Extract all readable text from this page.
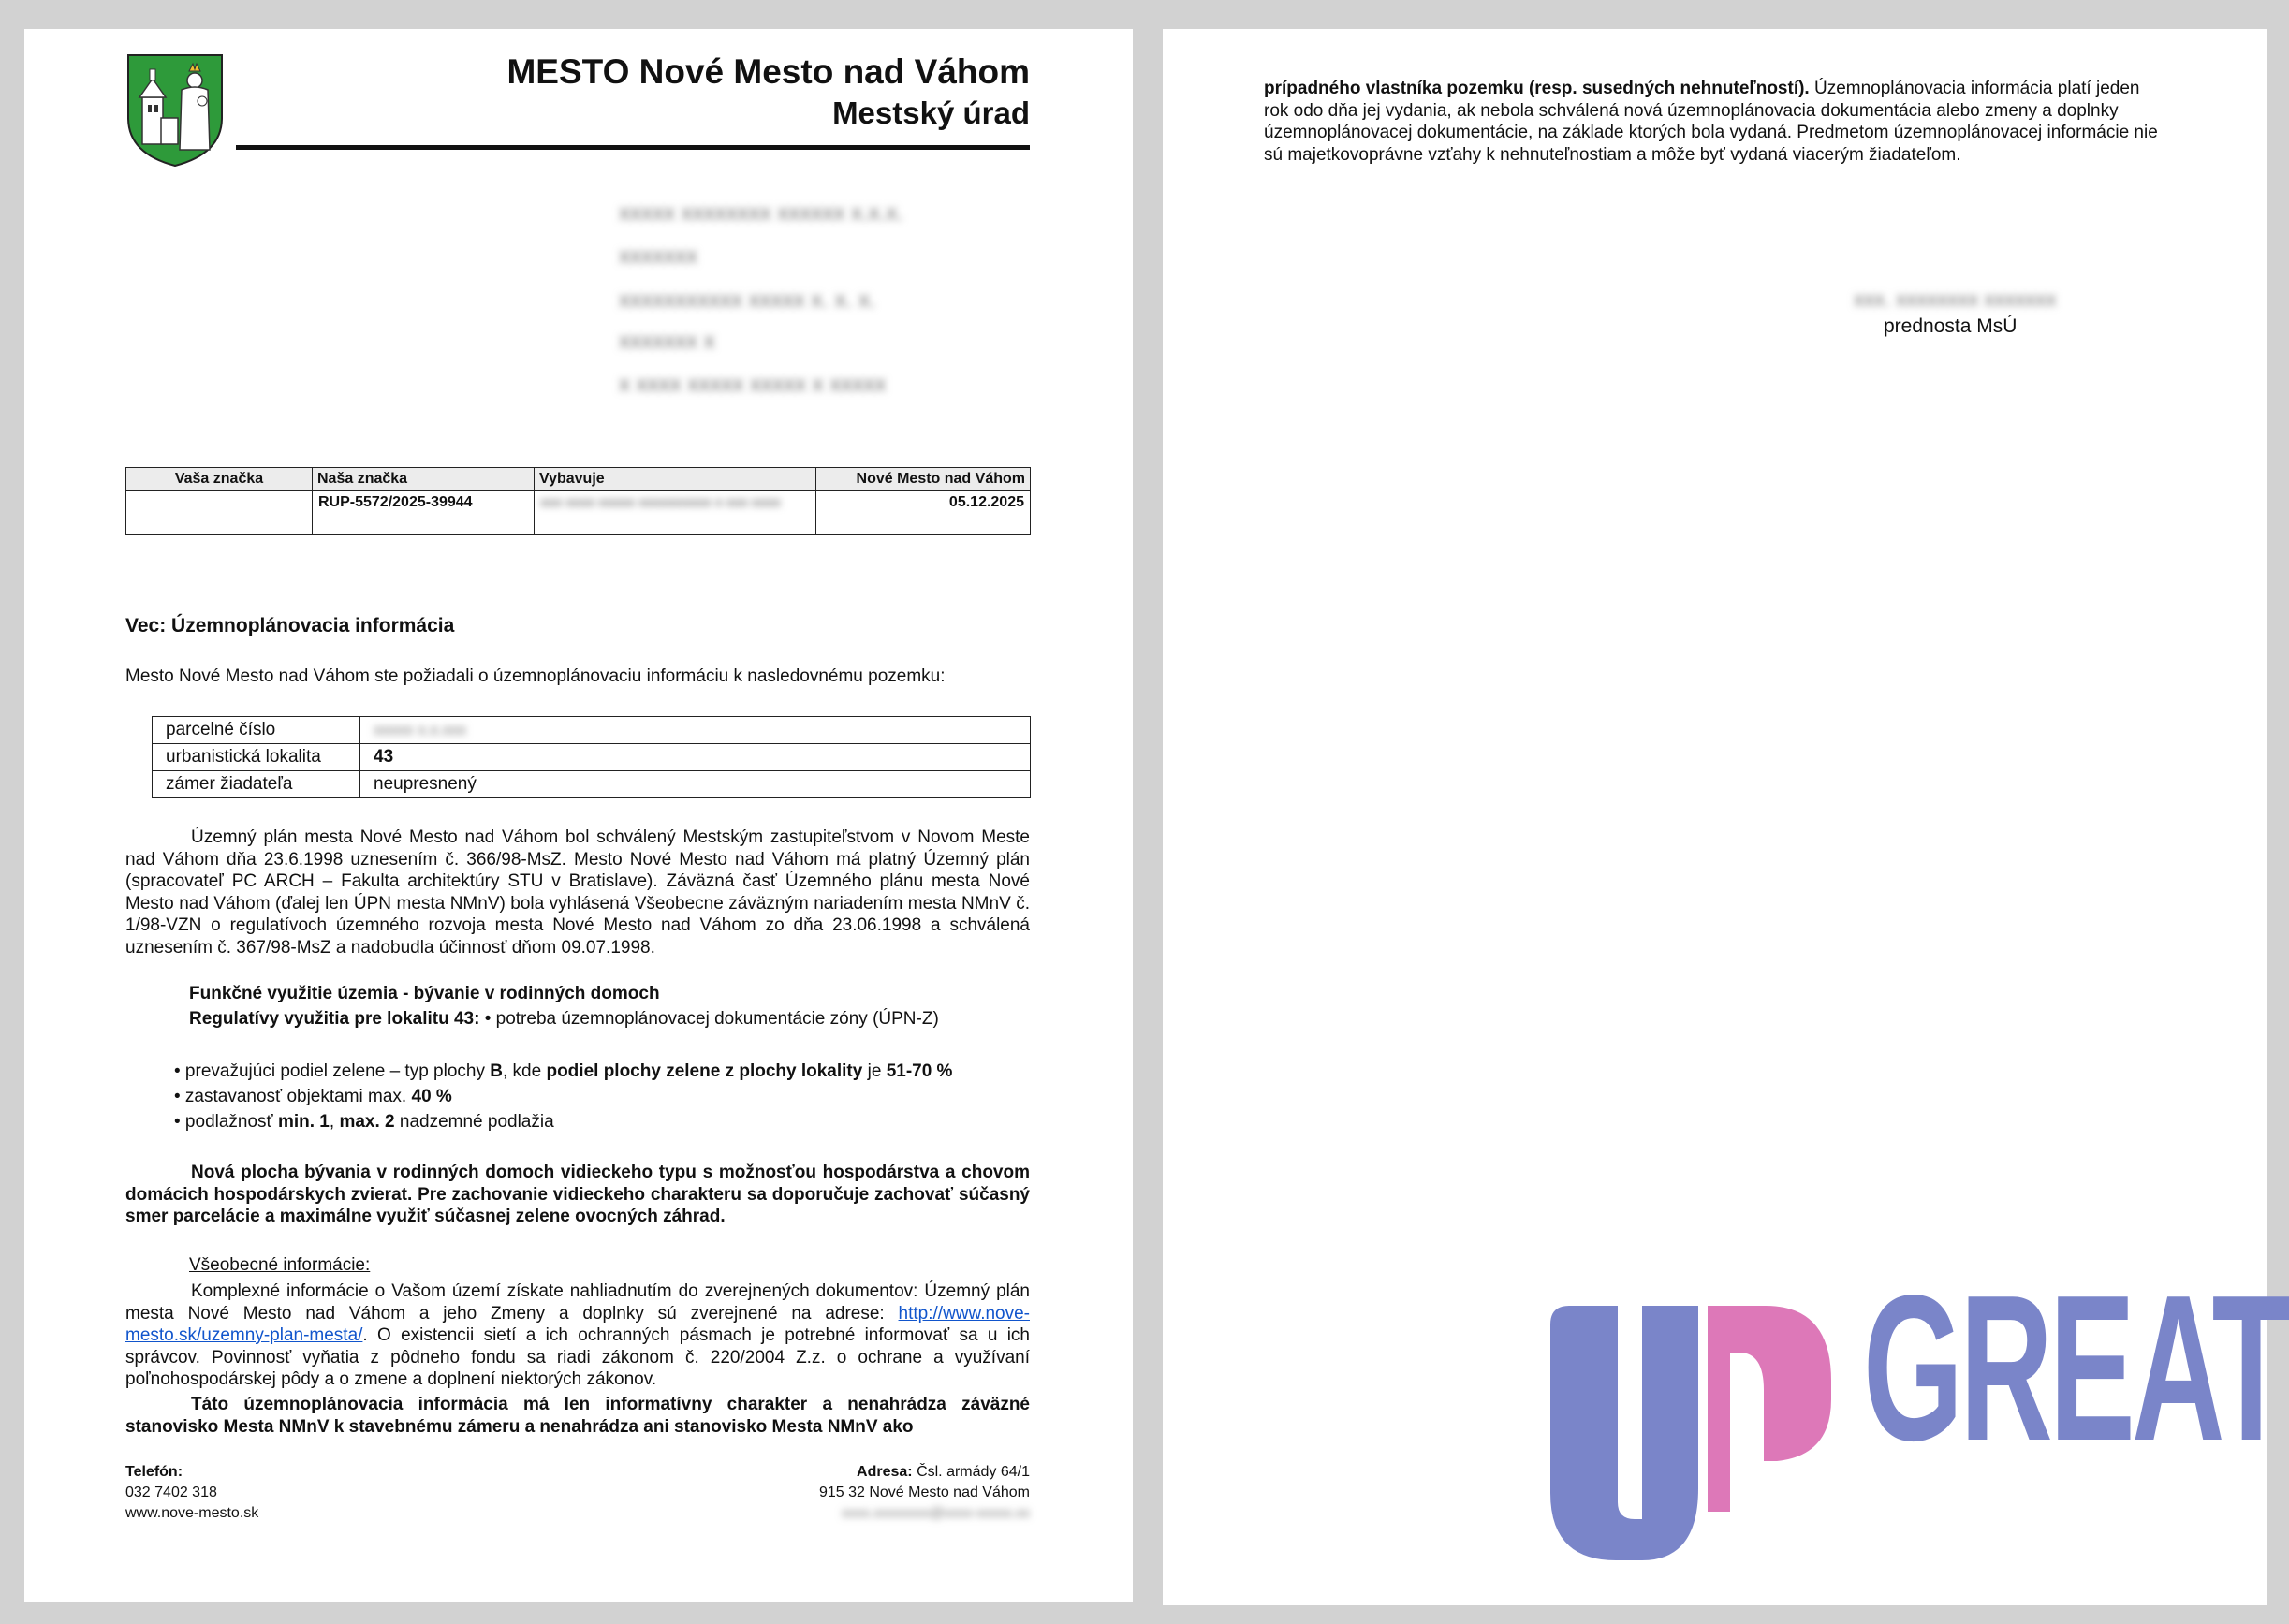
MESTO Nové Mesto nad Váhom
Mestský úrad
xxxxx xxxxxxxx xxxxxx x.x.x.
xxxxxxx
xxxxxxxxxxx xxxxx x. x. x.
xxxxxxx x
x xxxx xxxxx xxxxx x xxxxx
Vaša značka	Naša značka	Vybavuje	Nové Mesto nad Váhom
	RUP-5572/2025-39944	xxx xxxx xxxxx xxxxxxxxxx x xxx xxxx	05.12.2025
Vec: Územnoplánovacia informácia
Mesto Nové Mesto nad Váhom ste požiadali o územnoplánovaciu informáciu k nasledovnému pozemku:
parcelné číslo	xxxxx x.x.xxx
urbanistická lokalita	43
zámer žiadateľa	neupresnený
Územný plán mesta Nové Mesto nad Váhom bol schválený Mestským zastupiteľstvom v Novom Meste nad Váhom dňa 23.6.1998 uznesením č. 366/98-MsZ. Mesto Nové Mesto nad Váhom má platný Územný plán (spracovateľ PC ARCH – Fakulta architektúry STU v Bratislave). Záväzná časť Územného plánu mesta Nové Mesto nad Váhom (ďalej len ÚPN mesta NMnV) bola vyhlásená Všeobecne záväzným nariadením mesta NMnV č. 1/98-VZN o regulatívoch územného rozvoja mesta Nové Mesto nad Váhom zo dňa 23.06.1998 a schválená uznesením č. 367/98-MsZ a nadobudla účinnosť dňom 09.07.1998.
Funkčné využitie územia - bývanie v rodinných domoch
Regulatívy využitia pre lokalitu 43: • potreba územnoplánovacej dokumentácie zóny (ÚPN-Z)
• prevažujúci podiel zelene – typ plochy B, kde podiel plochy zelene z plochy lokality je 51-70 %
• zastavanosť objektami max. 40 %
• podlažnosť min. 1, max. 2 nadzemné podlažia
Nová plocha bývania v rodinných domoch vidieckeho typu s možnosťou hospodárstva a chovom domácich hospodárskych zvierat. Pre zachovanie vidieckeho charakteru sa doporučuje zachovať súčasný smer parcelácie a maximálne využiť súčasnej zelene ovocných záhrad.
Všeobecné informácie:
Komplexné informácie o Vašom území získate nahliadnutím do zverejnených dokumentov: Územný plán mesta Nové Mesto nad Váhom a jeho Zmeny a doplnky sú zverejnené na adrese: http://www.nove-mesto.sk/uzemny-plan-mesta/. O existencii sietí a ich ochranných pásmach je potrebné informovať sa u ich správcov. Povinnosť vyňatia z pôdneho fondu sa riadi zákonom č. 220/2004 Z.z. o ochrane a využívaní poľnohospodárskej pôdy a o zmene a doplnení niektorých zákonov.
Táto územnoplánovacia informácia má len informatívny charakter a nenahrádza záväzné stanovisko Mesta NMnV k stavebnému zámeru a nenahrádza ani stanovisko Mesta NMnV ako
Telefón:
032 7402 318
www.nove-mesto.sk
Adresa: Čsl. armády 64/1
915 32 Nové Mesto nad Váhom
xxxx.xxxxxxxx@xxxx-xxxxx.xx
prípadného vlastníka pozemku (resp. susedných nehnuteľností). Územnoplánovacia informácia platí jeden rok odo dňa jej vydania, ak nebola schválená nová územnoplánovacia dokumentácia alebo zmeny a doplnky územnoplánovacej dokumentácie, na základe ktorých bola vydaná. Predmetom územnoplánovacej informácie nie sú majetkovoprávne vzťahy k nehnuteľnostiam a môže byť vydaná viacerým žiadateľom.
xxx. xxxxxxxx xxxxxxx
prednosta MsÚ
GREAT
